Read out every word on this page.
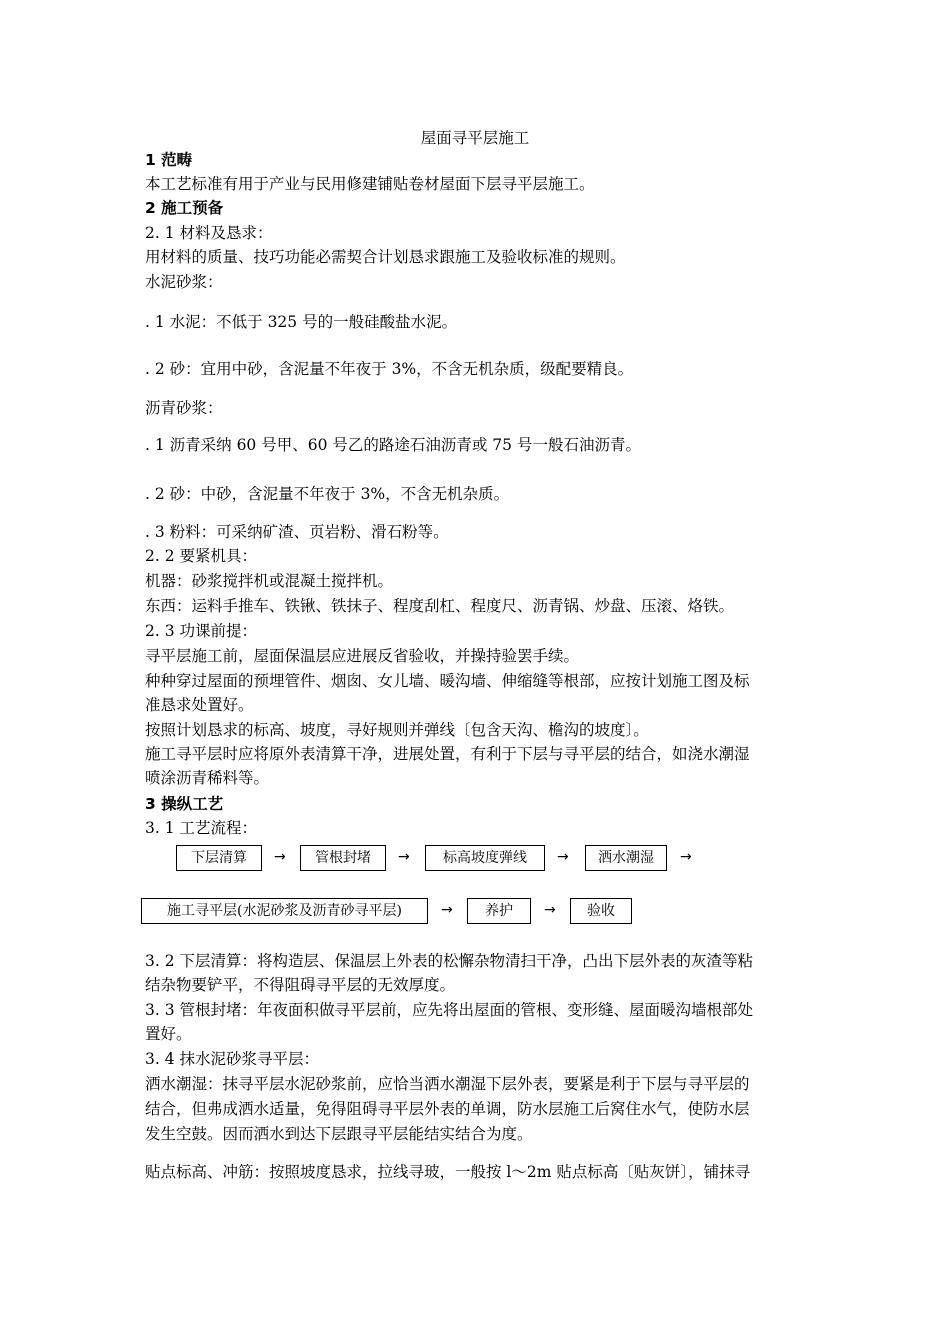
屋面寻平层施工
1 范畴
本工艺标准有用于产业与民用修建铺贴卷材屋面下层寻平层施工。
2 施工预备
2. 1 材料及恳求：
用材料的质量、技巧功能必需契合计划恳求跟施工及验收标准的规则。
水泥砂浆：
. 1 水泥：不低于 325 号的一般硅酸盐水泥。
. 2 砂：宜用中砂，含泥量不年夜于 3%，不含无机杂质，级配要精良。
沥青砂浆：
. 1 沥青采纳 60 号甲、60 号乙的路途石油沥青或 75 号一般石油沥青。
. 2 砂：中砂，含泥量不年夜于 3%，不含无机杂质。
. 3 粉料：可采纳矿渣、页岩粉、滑石粉等。
2. 2 要紧机具：
机器：砂浆搅拌机或混凝土搅拌机。
东西：运料手推车、铁锹、铁抹子、程度刮杠、程度尺、沥青锅、炒盘、压滚、烙铁。
2. 3 功课前提：
寻平层施工前，屋面保温层应进展反省验收，并操持验罢手续。
种种穿过屋面的预埋管件、烟囱、女儿墙、暖沟墙、伸缩缝等根部，应按计划施工图及标
准恳求处置好。
按照计划恳求的标高、坡度，寻好规则并弹线〔包含天沟、檐沟的坡度〕。
施工寻平层时应将原外表清算干净，进展处置，有利于下层与寻平层的结合，如浇水潮湿
喷涂沥青稀料等。
3 操纵工艺
3. 1 工艺流程：
下层清算	→	管根封堵	→	标高坡度弹线	→	洒水潮湿	→
施工寻平层(水泥砂浆及沥青砂寻平层)	→	养护	→	验收
3. 2 下层清算：将构造层、保温层上外表的松懈杂物清扫干净，凸出下层外表的灰渣等粘
结杂物要铲平，不得阻碍寻平层的无效厚度。
3. 3 管根封堵：年夜面积做寻平层前，应先将出屋面的管根、变形缝、屋面暖沟墙根部处
置好。
3. 4 抹水泥砂浆寻平层：
洒水潮湿：抹寻平层水泥砂浆前，应恰当洒水潮湿下层外表，要紧是利于下层与寻平层的
结合，但弗成洒水适量，免得阻碍寻平层外表的单调，防水层施工后窝住水气，使防水层
发生空鼓。因而洒水到达下层跟寻平层能结实结合为度。
贴点标高、冲筋：按照坡度恳求，拉线寻玻，一般按 l～2m 贴点标高〔贴灰饼〕，铺抹寻
